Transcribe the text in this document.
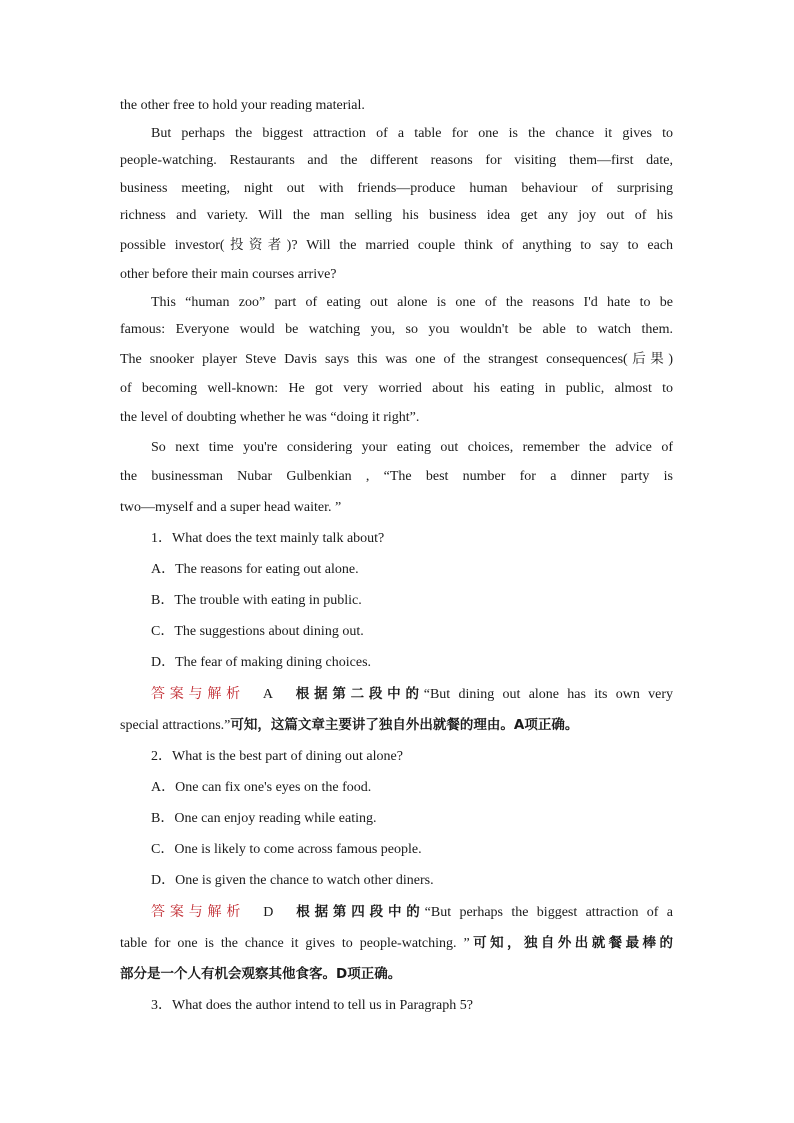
the other free to hold your reading material.
But perhaps the biggest attraction of a table for one is the chance it gives to
people-watching. Restaurants and the different reasons for visiting them—first date,
business meeting, night out with friends—produce human behaviour of surprising
richness and variety. Will the man selling his business idea get any joy out of his
possible investor(投资者)? Will the married couple think of anything to say to each
other before their main courses arrive?
This “human zoo” part of eating out alone is one of the reasons I'd hate to be
famous: Everyone would be watching you, so you wouldn't be able to watch them.
The snooker player Steve Davis says this was one of the strangest consequences(后果)
of becoming well-known: He got very worried about his eating in public, almost to
the level of doubting whether he was “doing it right”.
So next time you're considering your eating out choices, remember the advice of
the businessman Nubar Gulbenkian , “The best number for a dinner party is
two—myself and a super head waiter. ”
1．What does the text mainly talk about?
A．The reasons for eating out alone.
B．The trouble with eating in public.
C．The suggestions about dining out.
D．The fear of making dining choices.
答案与解析 A 根据第二段中的“But dining out alone has its own very
special attractions.”可知，这篇文章主要讲了独自外出就餐的理由。A项正确。
2．What is the best part of dining out alone?
A．One can fix one's eyes on the food.
B．One can enjoy reading while eating.
C．One is likely to come across famous people.
D．One is given the chance to watch other diners.
答案与解析 D 根据第四段中的“But perhaps the biggest attraction of a
table for one is the chance it gives to people-watching. ”可知，独自外出就餐最棒的
部分是一个人有机会观察其他食客。D项正确。
3．What does the author intend to tell us in Paragraph 5?
